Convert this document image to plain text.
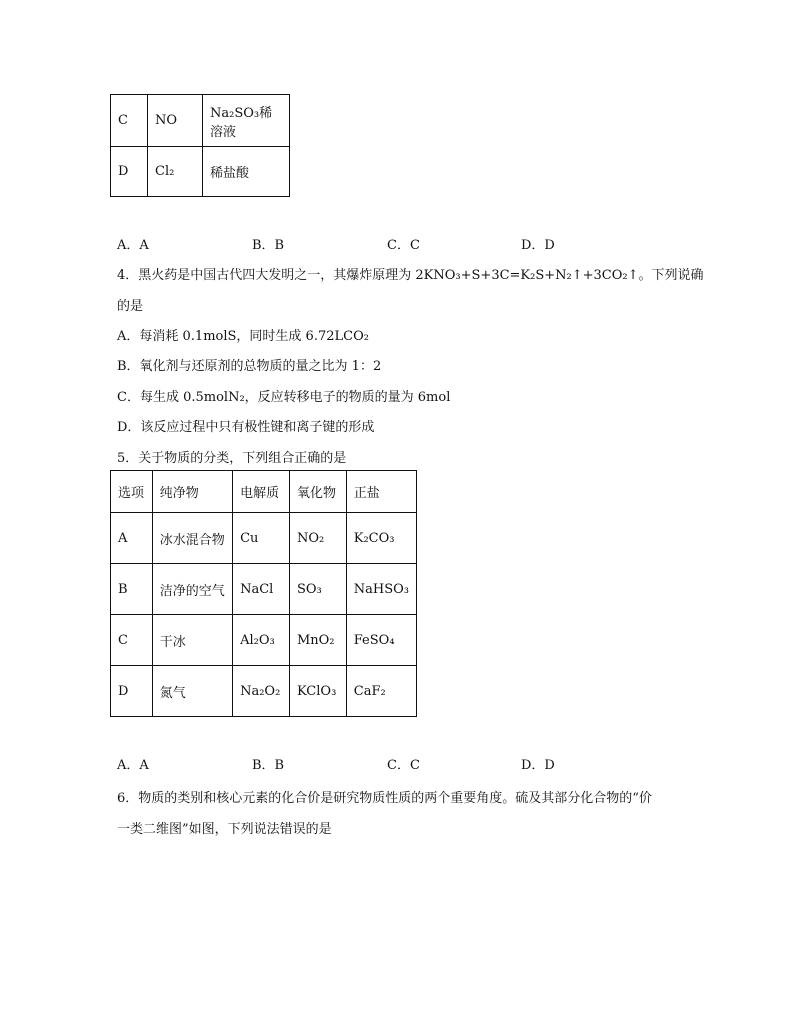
C	NO	Na₂SO₃稀溶液
D	Cl₂	稀盐酸
A．A	B．B	C．C	D．D
4．黑火药是中国古代四大发明之一，其爆炸原理为 2KNO₃+S+3C=K₂S+N₂↑+3CO₂↑。下列说确
的是
A．每消耗 0.1molS，同时生成 6.72LCO₂
B．氧化剂与还原剂的总物质的量之比为 1：2
C．每生成 0.5molN₂，反应转移电子的物质的量为 6mol
D．该反应过程中只有极性键和离子键的形成
5．关于物质的分类，下列组合正确的是
选项	纯净物	电解质	氧化物	正盐
A	冰水混合物	Cu	NO₂	K₂CO₃
B	洁净的空气	NaCl	SO₃	NaHSO₃
C	干冰	Al₂O₃	MnO₂	FeSO₄
D	氮气	Na₂O₂	KClO₃	CaF₂
A．A	B．B	C．C	D．D
6．物质的类别和核心元素的化合价是研究物质性质的两个重要角度。硫及其部分化合物的“价
一类二维图”如图，下列说法错误的是
